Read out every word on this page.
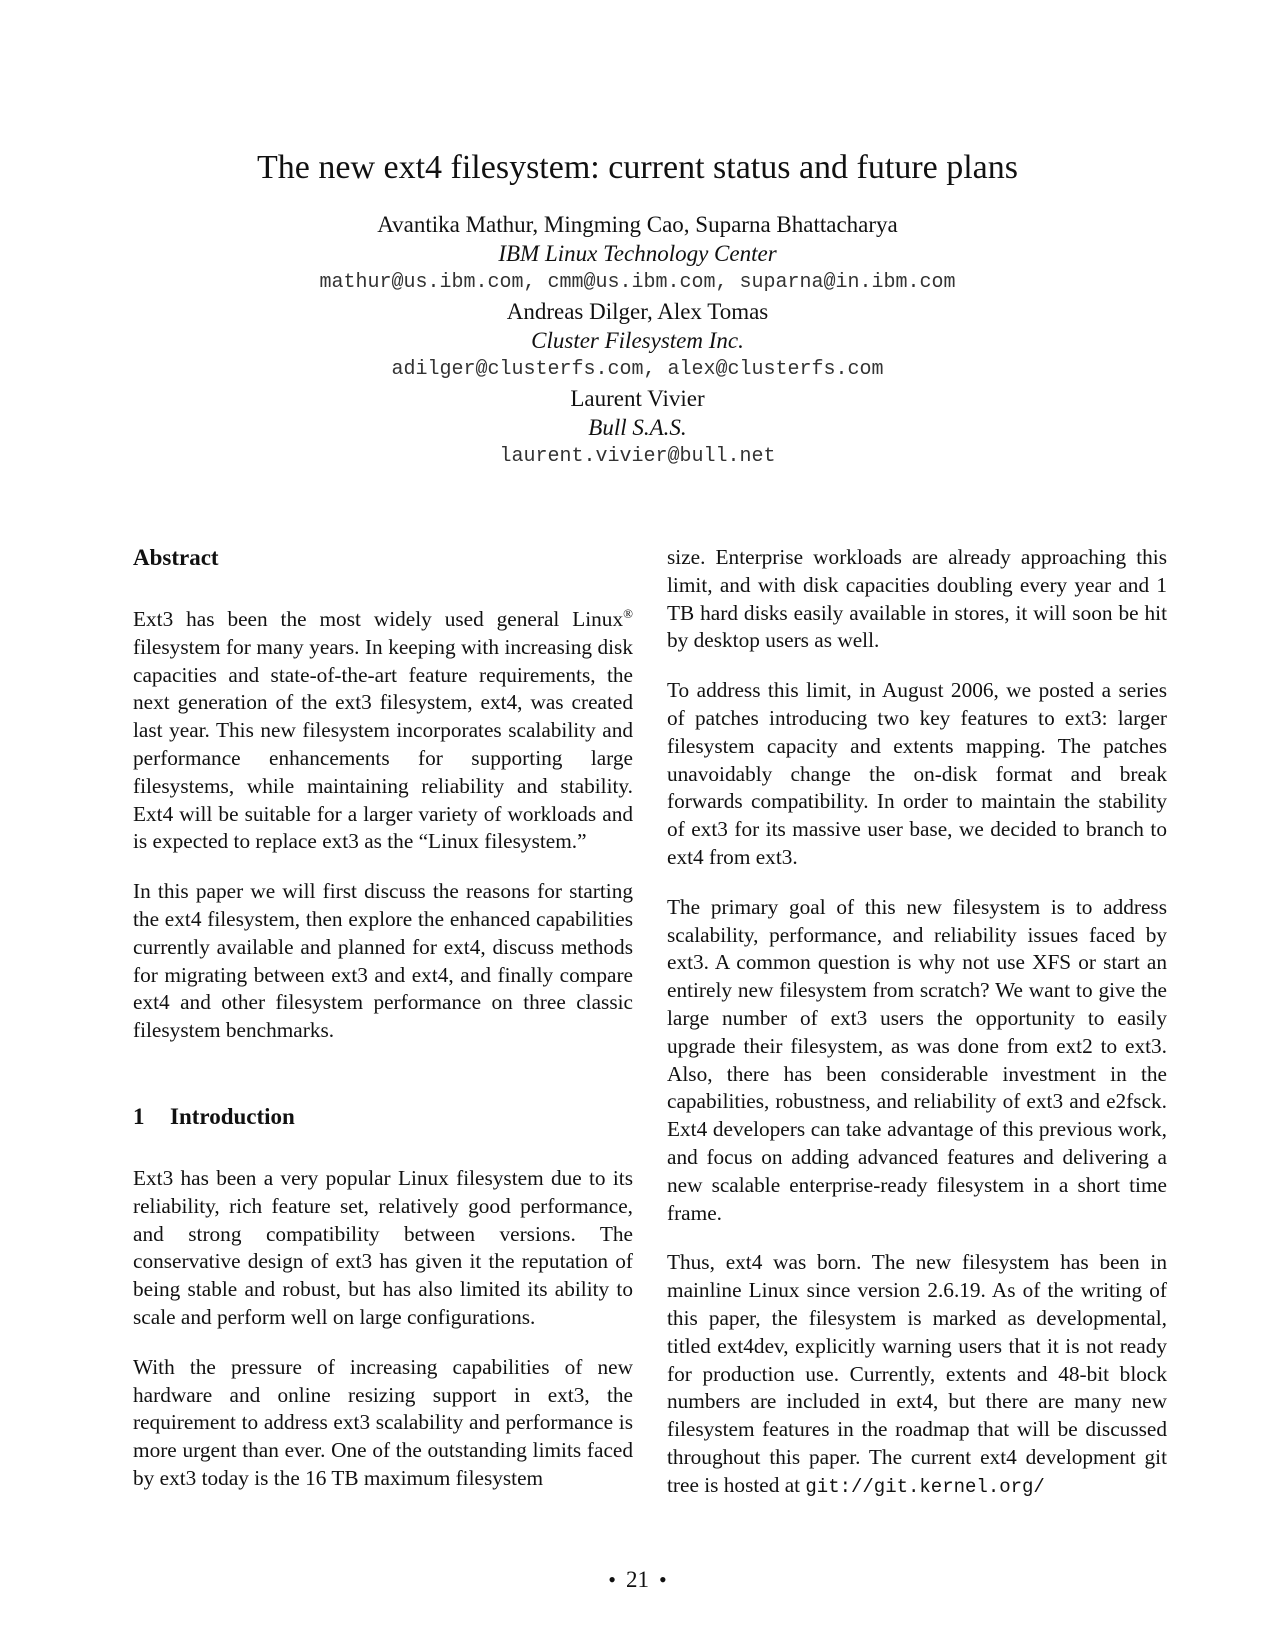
The new ext4 filesystem: current status and future plans
Avantika Mathur, Mingming Cao, Suparna Bhattacharya
IBM Linux Technology Center
mathur@us.ibm.com, cmm@us.ibm.com, suparna@in.ibm.com
Andreas Dilger, Alex Tomas
Cluster Filesystem Inc.
adilger@clusterfs.com, alex@clusterfs.com
Laurent Vivier
Bull S.A.S.
laurent.vivier@bull.net
Abstract

Ext3 has been the most widely used general Linux® filesystem for many years. In keeping with increasing disk capacities and state-of-the-art feature requirements, the next generation of the ext3 filesystem, ext4, was created last year. This new filesystem incorporates scalability and performance enhancements for supporting large filesystems, while maintaining reliability and stability. Ext4 will be suitable for a larger variety of workloads and is expected to replace ext3 as the “Linux filesystem.”

In this paper we will first discuss the reasons for starting the ext4 filesystem, then explore the enhanced capabilities currently available and planned for ext4, discuss methods for migrating between ext3 and ext4, and finally compare ext4 and other filesystem performance on three classic filesystem benchmarks.

1 Introduction

Ext3 has been a very popular Linux filesystem due to its reliability, rich feature set, relatively good performance, and strong compatibility between versions. The conservative design of ext3 has given it the reputation of being stable and robust, but has also limited its ability to scale and perform well on large configurations.

With the pressure of increasing capabilities of new hardware and online resizing support in ext3, the requirement to address ext3 scalability and performance is more urgent than ever. One of the outstanding limits faced by ext3 today is the 16 TB maximum filesystem

size. Enterprise workloads are already approaching this limit, and with disk capacities doubling every year and 1 TB hard disks easily available in stores, it will soon be hit by desktop users as well.

To address this limit, in August 2006, we posted a series of patches introducing two key features to ext3: larger filesystem capacity and extents mapping. The patches unavoidably change the on-disk format and break forwards compatibility. In order to maintain the stability of ext3 for its massive user base, we decided to branch to ext4 from ext3.

The primary goal of this new filesystem is to address scalability, performance, and reliability issues faced by ext3. A common question is why not use XFS or start an entirely new filesystem from scratch? We want to give the large number of ext3 users the opportunity to easily upgrade their filesystem, as was done from ext2 to ext3. Also, there has been considerable investment in the capabilities, robustness, and reliability of ext3 and e2fsck. Ext4 developers can take advantage of this previous work, and focus on adding advanced features and delivering a new scalable enterprise-ready filesystem in a short time frame.

Thus, ext4 was born. The new filesystem has been in mainline Linux since version 2.6.19. As of the writing of this paper, the filesystem is marked as developmental, titled ext4dev, explicitly warning users that it is not ready for production use. Currently, extents and 48-bit block numbers are included in ext4, but there are many new filesystem features in the roadmap that will be discussed throughout this paper. The current ext4 development git tree is hosted at git://git.kernel.org/

• 21 •
